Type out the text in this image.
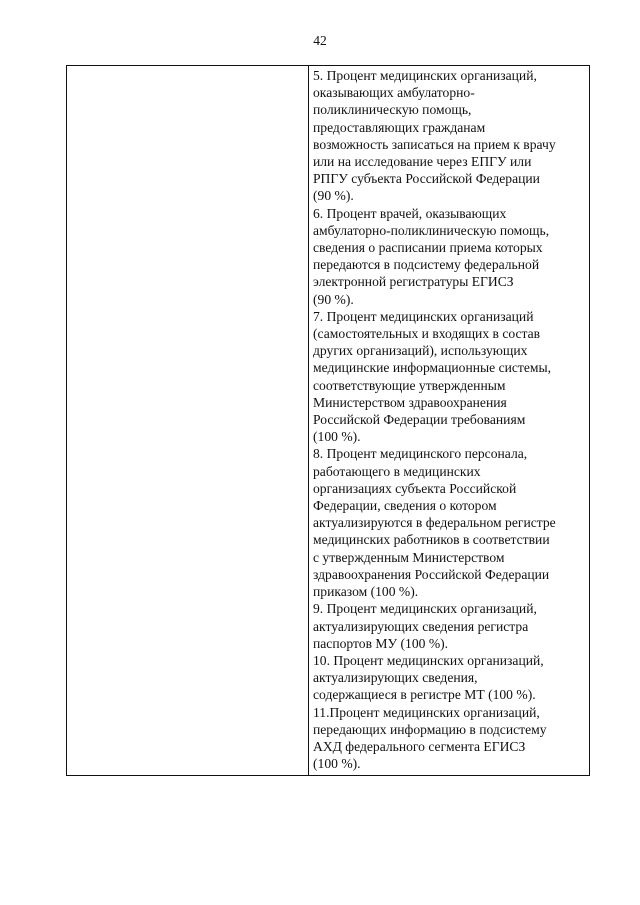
42

5. Процент медицинских организаций,

оказывающих амбулаторно-

поликлиническую помощь,

предоставляющих гражданам

возможность записаться на прием к врачу

или на исследование через ЕПГУ или

РПГУ субъекта Российской Федерации

(90 %).

6. Процент врачей, оказывающих

амбулаторно-поликлиническую помощь,

сведения о расписании приема которых

передаются в подсистему федеральной

электронной регистратуры ЕГИСЗ

(90 %).

7. Процент медицинских организаций

(самостоятельных и входящих в состав

других организаций), использующих

медицинские информационные системы,

соответствующие утвержденным

Министерством здравоохранения

Российской Федерации требованиям

(100 %).

8. Процент медицинского персонала,

работающего в медицинских

организациях субъекта Российской

Федерации, сведения о котором

актуализируются в федеральном регистре

медицинских работников в соответствии

с утвержденным Министерством

здравоохранения Российской Федерации

приказом (100 %).

9. Процент медицинских организаций,

актуализирующих сведения регистра

паспортов МУ (100 %).

10. Процент медицинских организаций,

актуализирующих сведения,

содержащиеся в регистре МТ (100 %).

11.Процент медицинских организаций,

передающих информацию в подсистему

АХД федерального сегмента ЕГИСЗ

(100 %).
